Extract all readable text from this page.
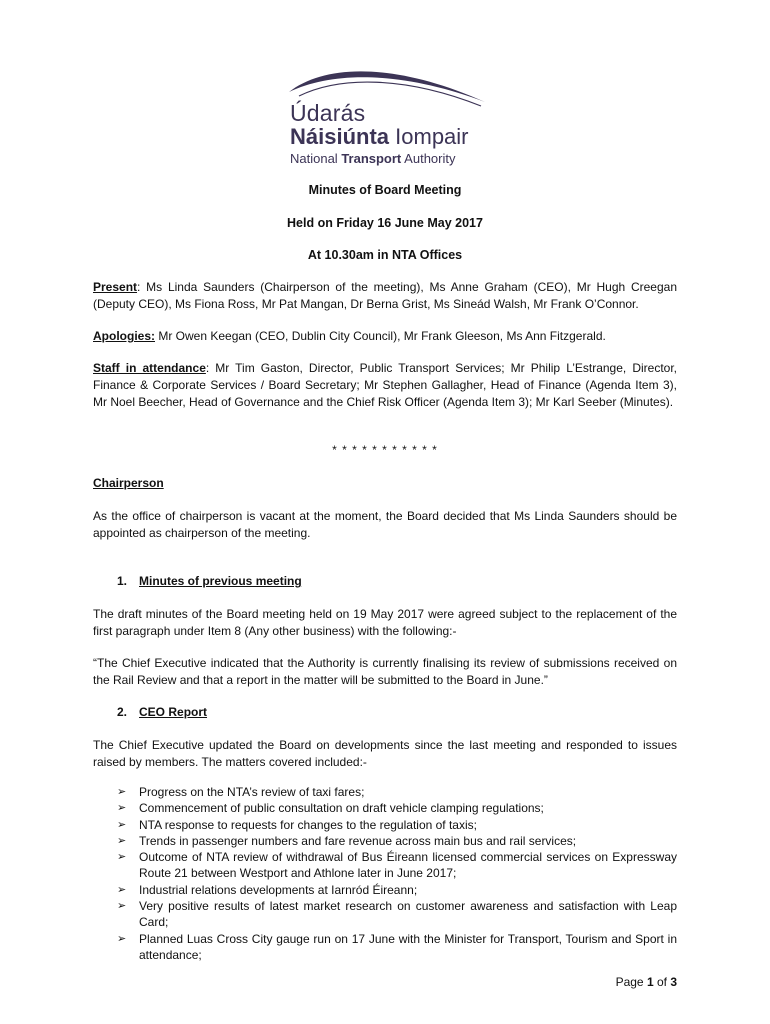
Údarás
Náisiúnta Iompair
National Transport Authority
Minutes of Board Meeting
Held on Friday 16 June May 2017
At 10.30am in NTA Offices
Present: Ms Linda Saunders (Chairperson of the meeting), Ms Anne Graham (CEO), Mr Hugh Creegan (Deputy CEO), Ms Fiona Ross, Mr Pat Mangan, Dr Berna Grist, Ms Sineád Walsh, Mr Frank O’Connor.
Apologies: Mr Owen Keegan (CEO, Dublin City Council), Mr Frank Gleeson, Ms Ann Fitzgerald.
Staff in attendance: Mr Tim Gaston, Director, Public Transport Services; Mr Philip L’Estrange, Director, Finance & Corporate Services / Board Secretary; Mr Stephen Gallagher, Head of Finance (Agenda Item 3), Mr Noel Beecher, Head of Governance and the Chief Risk Officer (Agenda Item 3); Mr Karl Seeber (Minutes).
* * * * * * * * * * *
Chairperson
As the office of chairperson is vacant at the moment, the Board decided that Ms Linda Saunders should be appointed as chairperson of the meeting.
1. Minutes of previous meeting
The draft minutes of the Board meeting held on 19 May 2017 were agreed subject to the replacement of the first paragraph under Item 8 (Any other business) with the following:-
“The Chief Executive indicated that the Authority is currently finalising its review of submissions received on the Rail Review and that a report in the matter will be submitted to the Board in June.”
2. CEO Report
The Chief Executive updated the Board on developments since the last meeting and responded to issues raised by members. The matters covered included:-
➢ Progress on the NTA’s review of taxi fares;
➢ Commencement of public consultation on draft vehicle clamping regulations;
➢ NTA response to requests for changes to the regulation of taxis;
➢ Trends in passenger numbers and fare revenue across main bus and rail services;
➢ Outcome of NTA review of withdrawal of Bus Éireann licensed commercial services on Expressway Route 21 between Westport and Athlone later in June 2017;
➢ Industrial relations developments at Iarnród Éireann;
➢ Very positive results of latest market research on customer awareness and satisfaction with Leap Card;
➢ Planned Luas Cross City gauge run on 17 June with the Minister for Transport, Tourism and Sport in attendance;
Page 1 of 3
